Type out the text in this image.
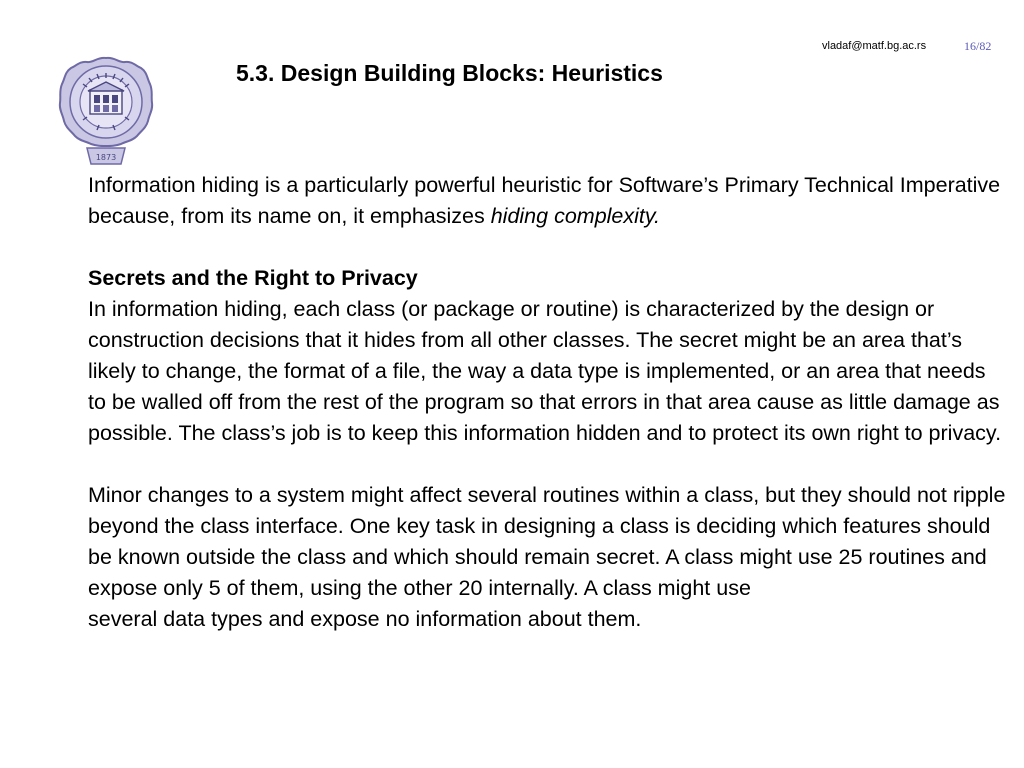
vladaf@matf.bg.ac.rs	16/82
1873
5.3. Design Building Blocks: Heuristics

Information hiding is a particularly powerful heuristic for Software’s Primary Technical Imperative because, from its name on, it emphasizes hiding complexity.

Secrets and the Right to Privacy

In information hiding, each class (or package or routine) is characterized by the design or construction decisions that it hides from all other classes. The secret might be an area that’s likely to change, the format of a file, the way a data type is implemented, or an area that needs to be walled off from the rest of the program so that errors in that area cause as little damage as possible. The class’s job is to keep this information hidden and to protect its own right to privacy.

Minor changes to a system might affect several routines within a class, but they should not ripple beyond the class interface. One key task in designing a class is deciding which features should be known outside the class and which should remain secret. A class might use 25 routines and expose only 5 of them, using the other 20 internally. A class might use
several data types and expose no information about them.
